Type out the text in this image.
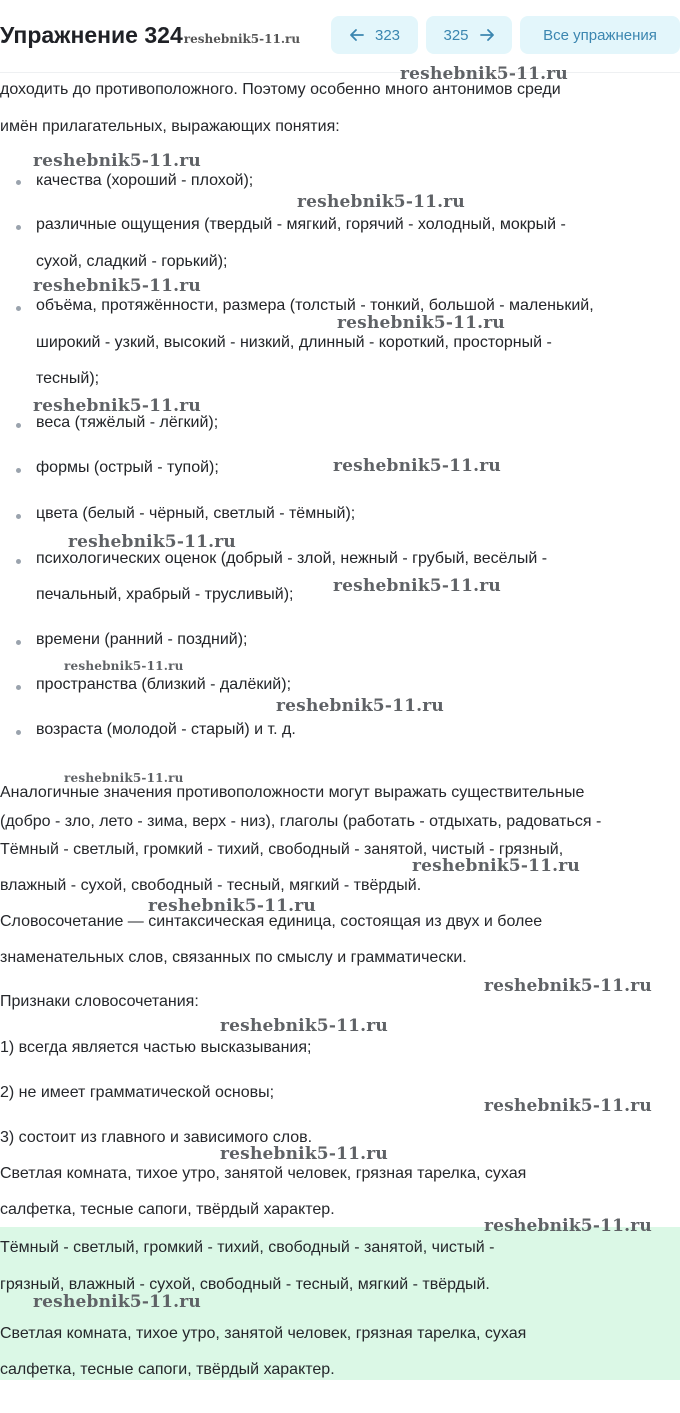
Упражнение 324reshebnik5-11.ru	323	325	Все упражнения
доходить до противоположного. Поэтому особенно много антонимов среди
имён прилагательных, выражающих понятия:
качества (хороший - плохой);
различные ощущения (твердый - мягкий, горячий - холодный, мокрый -
сухой, сладкий - горький);
объёма, протяжённости, размера (толстый - тонкий, большой - маленький,
широкий - узкий, высокий - низкий, длинный - короткий, просторный -
тесный);
веса (тяжёлый - лёгкий);
формы (острый - тупой);
цвета (белый - чёрный, светлый - тёмный);
психологических оценок (добрый - злой, нежный - грубый, весёлый -
печальный, храбрый - трусливый);
времени (ранний - поздний);
пространства (близкий - далёкий);
возраста (молодой - старый) и т. д.
Аналогичные значения противоположности могут выражать существительные
(добро - зло, лето - зима, верх - низ), глаголы (работать - отдыхать, радоваться -
Тёмный - светлый, громкий - тихий, свободный - занятой, чистый - грязный,
влажный - сухой, свободный - тесный, мягкий - твёрдый.
Словосочетание — синтаксическая единица, состоящая из двух и более
знаменательных слов, связанных по смыслу и грамматически.
Признаки словосочетания:
1) всегда является частью высказывания;
2) не имеет грамматической основы;
3) состоит из главного и зависимого слов.
Светлая комната, тихое утро, занятой человек, грязная тарелка, сухая
салфетка, тесные сапоги, твёрдый характер.
Тёмный - светлый, громкий - тихий, свободный - занятой, чистый -
грязный, влажный - сухой, свободный - тесный, мягкий - твёрдый.
Светлая комната, тихое утро, занятой человек, грязная тарелка, сухая
салфетка, тесные сапоги, твёрдый характер.
reshebnik5-11.ru
reshebnik5-11.ru
reshebnik5-11.ru
reshebnik5-11.ru
reshebnik5-11.ru
reshebnik5-11.ru
reshebnik5-11.ru
reshebnik5-11.ru
reshebnik5-11.ru
reshebnik5-11.ru
reshebnik5-11.ru
reshebnik5-11.ru
reshebnik5-11.ru
reshebnik5-11.ru
reshebnik5-11.ru
reshebnik5-11.ru
reshebnik5-11.ru
reshebnik5-11.ru
reshebnik5-11.ru
reshebnik5-11.ru
